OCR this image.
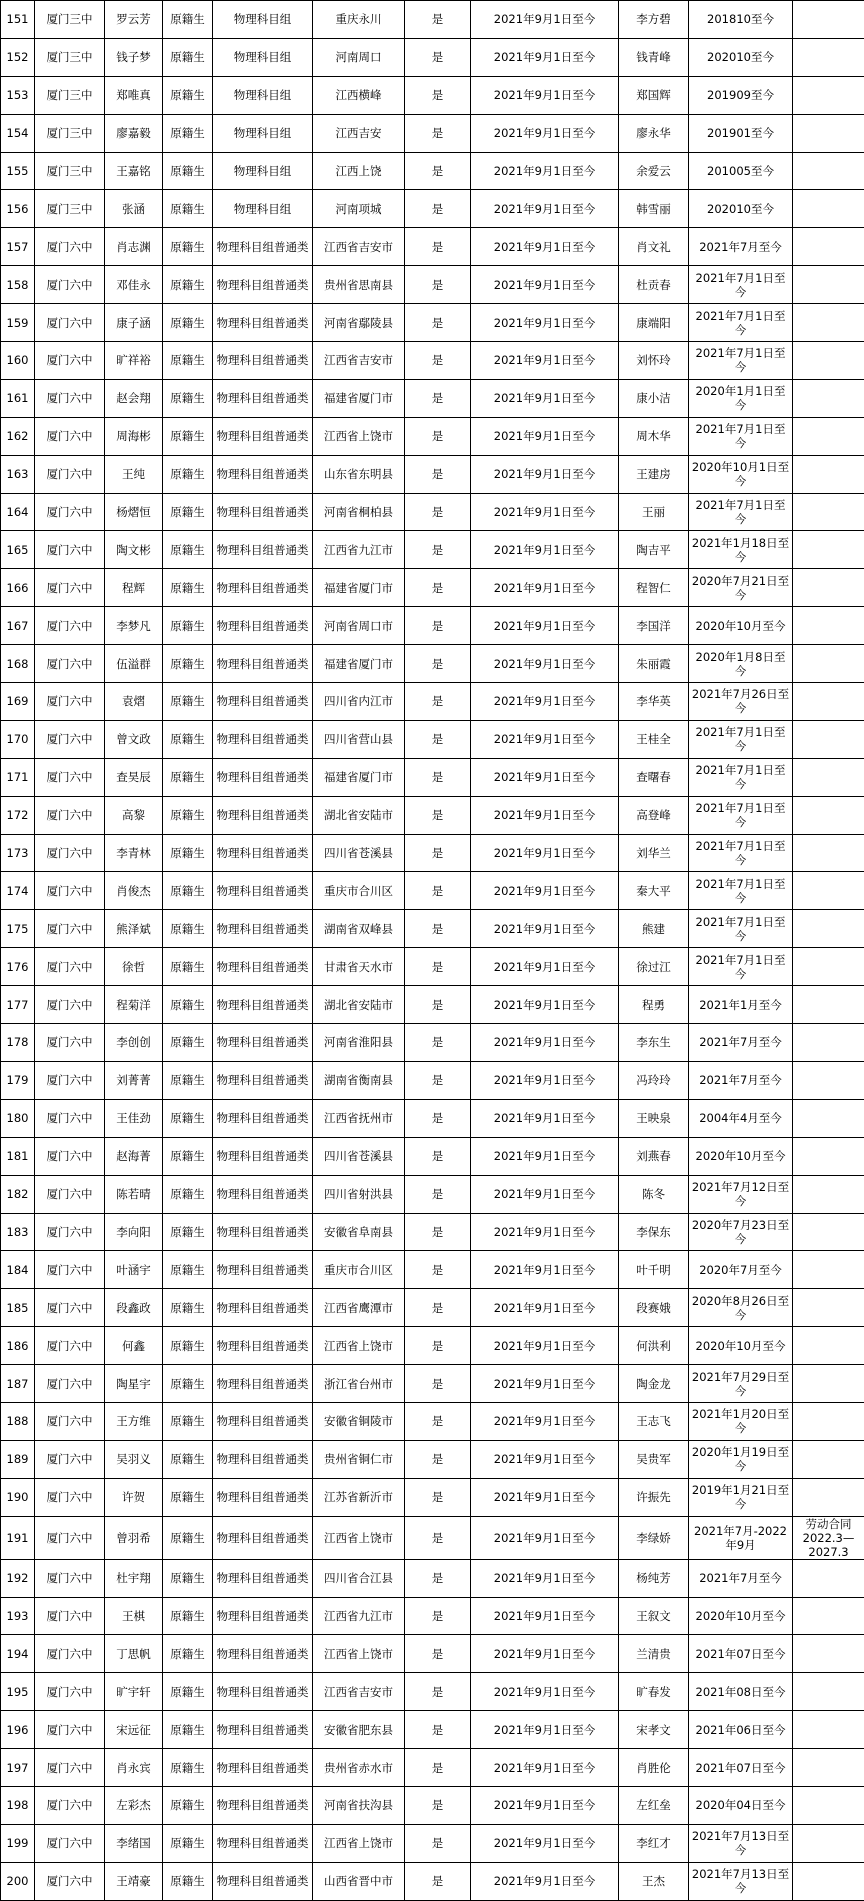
151	厦门三中	罗云芳	原籍生	物理科目组	重庆永川	是	2021年9月1日至今	李方碧	201810至今	
152	厦门三中	钱子梦	原籍生	物理科目组	河南周口	是	2021年9月1日至今	钱青峰	202010至今	
153	厦门三中	郑唯真	原籍生	物理科目组	江西横峰	是	2021年9月1日至今	郑国辉	201909至今	
154	厦门三中	廖嘉毅	原籍生	物理科目组	江西吉安	是	2021年9月1日至今	廖永华	201901至今	
155	厦门三中	王嘉铭	原籍生	物理科目组	江西上饶	是	2021年9月1日至今	余爱云	201005至今	
156	厦门三中	张涵	原籍生	物理科目组	河南项城	是	2021年9月1日至今	韩雪丽	202010至今	
157	厦门六中	肖志渊	原籍生	物理科目组普通类	江西省吉安市	是	2021年9月1日至今	肖文礼	2021年7月至今	
158	厦门六中	邓佳永	原籍生	物理科目组普通类	贵州省思南县	是	2021年9月1日至今	杜贡春	2021年7月1日至今	
159	厦门六中	康子涵	原籍生	物理科目组普通类	河南省鄢陵县	是	2021年9月1日至今	康端阳	2021年7月1日至今	
160	厦门六中	旷祥裕	原籍生	物理科目组普通类	江西省吉安市	是	2021年9月1日至今	刘怀玲	2021年7月1日至今	
161	厦门六中	赵会翔	原籍生	物理科目组普通类	福建省厦门市	是	2021年9月1日至今	康小洁	2020年1月1日至今	
162	厦门六中	周海彬	原籍生	物理科目组普通类	江西省上饶市	是	2021年9月1日至今	周木华	2021年7月1日至今	
163	厦门六中	王纯	原籍生	物理科目组普通类	山东省东明县	是	2021年9月1日至今	王建房	2020年10月1日至今	
164	厦门六中	杨熠恒	原籍生	物理科目组普通类	河南省桐柏县	是	2021年9月1日至今	王丽	2021年7月1日至今	
165	厦门六中	陶文彬	原籍生	物理科目组普通类	江西省九江市	是	2021年9月1日至今	陶吉平	2021年1月18日至今	
166	厦门六中	程辉	原籍生	物理科目组普通类	福建省厦门市	是	2021年9月1日至今	程智仁	2020年7月21日至今	
167	厦门六中	李梦凡	原籍生	物理科目组普通类	河南省周口市	是	2021年9月1日至今	李国洋	2020年10月至今	
168	厦门六中	伍溢群	原籍生	物理科目组普通类	福建省厦门市	是	2021年9月1日至今	朱丽霞	2020年1月8日至今	
169	厦门六中	袁熠	原籍生	物理科目组普通类	四川省内江市	是	2021年9月1日至今	李华英	2021年7月26日至今	
170	厦门六中	曾文政	原籍生	物理科目组普通类	四川省营山县	是	2021年9月1日至今	王桂全	2021年7月1日至今	
171	厦门六中	查昊辰	原籍生	物理科目组普通类	福建省厦门市	是	2021年9月1日至今	查曙春	2021年7月1日至今	
172	厦门六中	高黎	原籍生	物理科目组普通类	湖北省安陆市	是	2021年9月1日至今	高登峰	2021年7月1日至今	
173	厦门六中	李青林	原籍生	物理科目组普通类	四川省苍溪县	是	2021年9月1日至今	刘华兰	2021年7月1日至今	
174	厦门六中	肖俊杰	原籍生	物理科目组普通类	重庆市合川区	是	2021年9月1日至今	秦大平	2021年7月1日至今	
175	厦门六中	熊泽斌	原籍生	物理科目组普通类	湖南省双峰县	是	2021年9月1日至今	熊建	2021年7月1日至今	
176	厦门六中	徐哲	原籍生	物理科目组普通类	甘肃省天水市	是	2021年9月1日至今	徐过江	2021年7月1日至今	
177	厦门六中	程菊洋	原籍生	物理科目组普通类	湖北省安陆市	是	2021年9月1日至今	程勇	2021年1月至今	
178	厦门六中	李创创	原籍生	物理科目组普通类	河南省淮阳县	是	2021年9月1日至今	李东生	2021年7月至今	
179	厦门六中	刘菁菁	原籍生	物理科目组普通类	湖南省衡南县	是	2021年9月1日至今	冯玲玲	2021年7月至今	
180	厦门六中	王佳劲	原籍生	物理科目组普通类	江西省抚州市	是	2021年9月1日至今	王映泉	2004年4月至今	
181	厦门六中	赵海菁	原籍生	物理科目组普通类	四川省苍溪县	是	2021年9月1日至今	刘燕春	2020年10月至今	
182	厦门六中	陈若晴	原籍生	物理科目组普通类	四川省射洪县	是	2021年9月1日至今	陈冬	2021年7月12日至今	
183	厦门六中	李向阳	原籍生	物理科目组普通类	安徽省阜南县	是	2021年9月1日至今	李保东	2020年7月23日至今	
184	厦门六中	叶涵宇	原籍生	物理科目组普通类	重庆市合川区	是	2021年9月1日至今	叶千明	2020年7月至今	
185	厦门六中	段鑫政	原籍生	物理科目组普通类	江西省鹰潭市	是	2021年9月1日至今	段赛娥	2020年8月26日至今	
186	厦门六中	何鑫	原籍生	物理科目组普通类	江西省上饶市	是	2021年9月1日至今	何洪利	2020年10月至今	
187	厦门六中	陶星宇	原籍生	物理科目组普通类	浙江省台州市	是	2021年9月1日至今	陶金龙	2021年7月29日至今	
188	厦门六中	王方维	原籍生	物理科目组普通类	安徽省铜陵市	是	2021年9月1日至今	王志飞	2021年1月20日至今	
189	厦门六中	吴羽义	原籍生	物理科目组普通类	贵州省铜仁市	是	2021年9月1日至今	吴贵军	2020年1月19日至今	
190	厦门六中	许贺	原籍生	物理科目组普通类	江苏省新沂市	是	2021年9月1日至今	许振先	2019年1月21日至今	
191	厦门六中	曾羽希	原籍生	物理科目组普通类	江西省上饶市	是	2021年9月1日至今	李绿娇	2021年7月-2022年9月	劳动合同 2022.3—2027.3
192	厦门六中	杜宇翔	原籍生	物理科目组普通类	四川省合江县	是	2021年9月1日至今	杨纯芳	2021年7月至今	
193	厦门六中	王棋	原籍生	物理科目组普通类	江西省九江市	是	2021年9月1日至今	王叙文	2020年10月至今	
194	厦门六中	丁思帆	原籍生	物理科目组普通类	江西省上饶市	是	2021年9月1日至今	兰清贵	2021年07日至今	
195	厦门六中	旷宇轩	原籍生	物理科目组普通类	江西省吉安市	是	2021年9月1日至今	旷春发	2021年08日至今	
196	厦门六中	宋远征	原籍生	物理科目组普通类	安徽省肥东县	是	2021年9月1日至今	宋孝文	2021年06日至今	
197	厦门六中	肖永宾	原籍生	物理科目组普通类	贵州省赤水市	是	2021年9月1日至今	肖胜伦	2021年07日至今	
198	厦门六中	左彩杰	原籍生	物理科目组普通类	河南省扶沟县	是	2021年9月1日至今	左红垒	2020年04日至今	
199	厦门六中	李绪国	原籍生	物理科目组普通类	江西省上饶市	是	2021年9月1日至今	李红才	2021年7月13日至今	
200	厦门六中	王靖豪	原籍生	物理科目组普通类	山西省晋中市	是	2021年9月1日至今	王杰	2021年7月13日至今	
